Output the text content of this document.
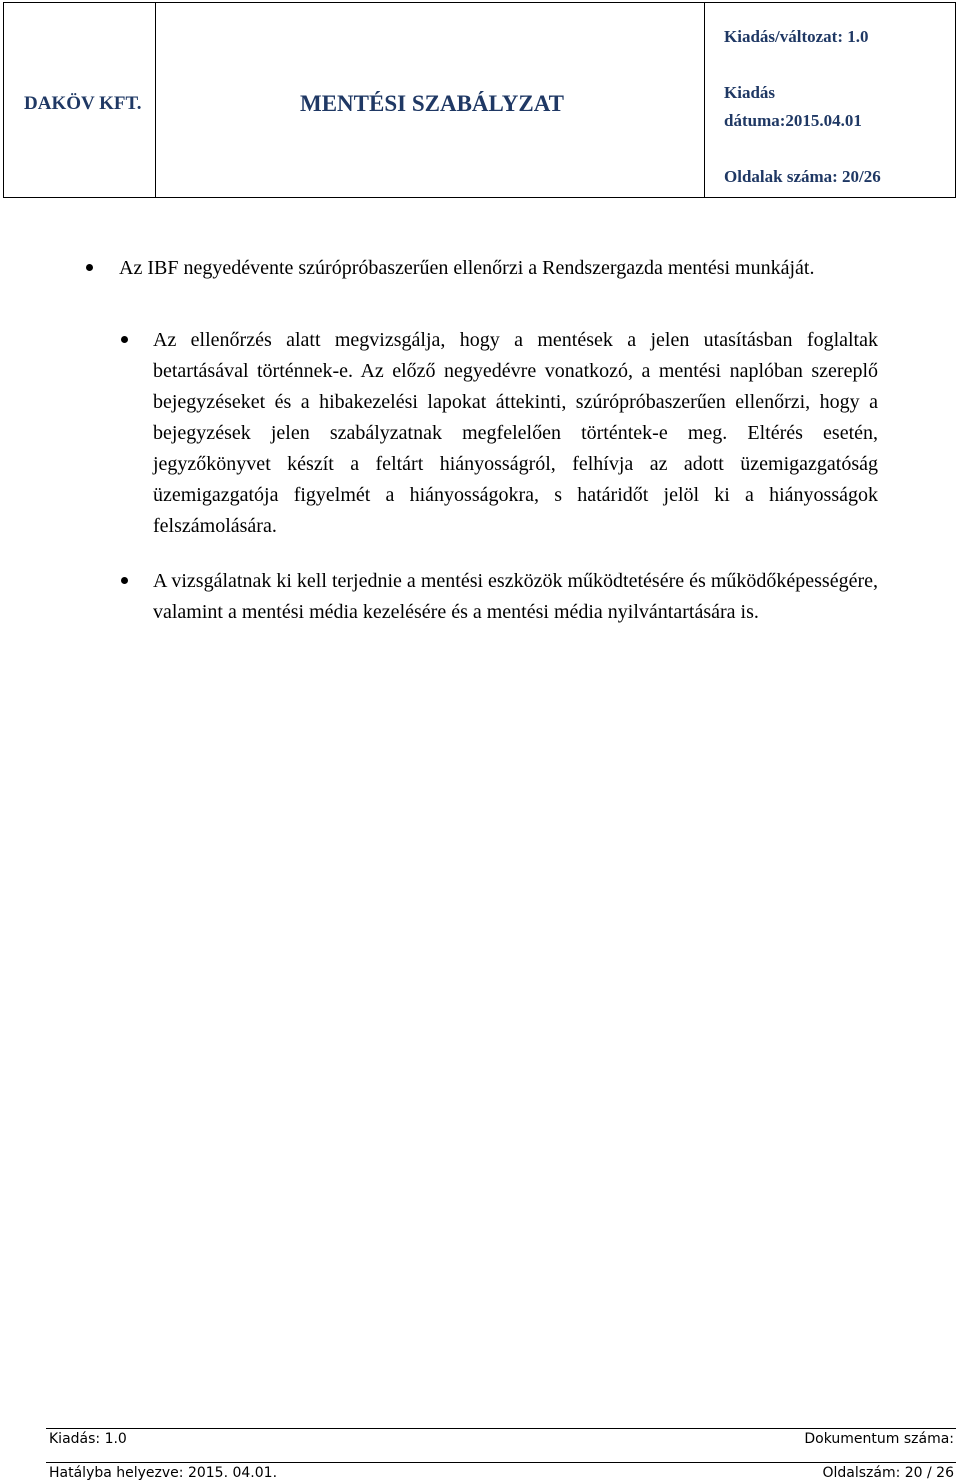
DAKÖV KFT.	MENTÉSI SZABÁLYZAT
Kiadás/változat: 1.0
Kiadás
dátuma:2015.04.01
Oldalak száma: 20/26
Az IBF negyedévente szúrópróbaszerűen ellenőrzi a Rendszergazda mentési munkáját.
Az ellenőrzés alatt megvizsgálja, hogy a mentések a jelen utasításban foglaltak betartásával történnek-e. Az előző negyedévre vonatkozó, a mentési naplóban szereplő bejegyzéseket és a hibakezelési lapokat áttekinti, szúrópróbaszerűen ellenőrzi, hogy a bejegyzések jelen szabályzatnak megfelelően történtek-e meg. Eltérés esetén, jegyzőkönyvet készít a feltárt hiányosságról, felhívja az adott üzemigazgatóság üzemigazgatója figyelmét a hiányosságokra, s határidőt jelöl ki a hiányosságok felszámolására.
A vizsgálatnak ki kell terjednie a mentési eszközök működtetésére és működőképességére, valamint a mentési média kezelésére és a mentési média nyilvántartására is.
Kiadás: 1.0	Dokumentum száma:
Hatályba helyezve: 2015. 04.01.	Oldalszám: 20 / 26
